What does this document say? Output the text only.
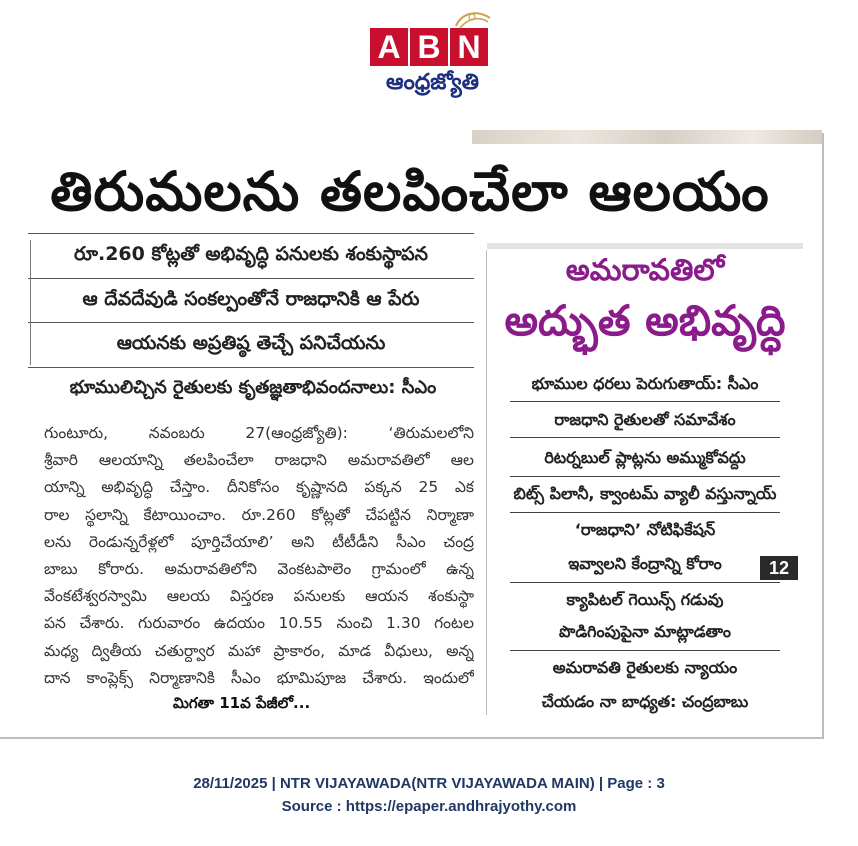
A B N
ఆంధ్రజ్యోతి
తిరుమలను తలపించేలా ఆలయం
రూ.260 కోట్లతో అభివృద్ధి పనులకు శంకుస్థాపన
ఆ దేవదేవుడి సంకల్పంతోనే రాజధానికి ఆ పేరు
ఆయనకు అప్రతిష్ఠ తెచ్చే పనిచేయను
భూములిచ్చిన రైతులకు కృతజ్ఞతాభివందనాలు: సీఎం

గుంటూరు, నవంబరు 27(ఆంధ్రజ్యోతి): ‘తిరుమలలోని

శ్రీవారి ఆలయాన్ని తలపించేలా రాజధాని అమరావతిలో ఆల

యాన్ని అభివృద్ధి చేస్తాం. దీనికోసం కృష్ణానది పక్కన 25 ఎక

రాల స్థలాన్ని కేటాయించాం. రూ.260 కోట్లతో చేపట్టిన నిర్మాణా

లను రెండున్నరేళ్లలో పూర్తిచేయాలి’ అని టీటీడీని సీఎం చంద్ర

బాబు కోరారు. అమరావతిలోని వెంకటపాలెం గ్రామంలో ఉన్న

వేంకటేశ్వరస్వామి ఆలయ విస్తరణ పనులకు ఆయన శంకుస్థా

పన చేశారు. గురువారం ఉదయం 10.55 నుంచి 1.30 గంటల

మధ్య ద్వితీయ చతుర్ద్వార మహా ప్రాకారం, మాడ వీధులు, అన్న

దాన కాంప్లెక్స్ నిర్మాణానికి సీఎం భూమిపూజ చేశారు. ఇందులో

మిగతా 11వ పేజీలో...
అమరావతిలో
అద్భుత అభివృద్ధి
భూముల ధరలు పెరుగుతాయ్: సీఎం
రాజధాని రైతులతో సమావేశం
రిటర్నబుల్ ప్లాట్లను అమ్ముకోవద్దు
బిట్స్ పిలానీ, క్వాంటమ్ వ్యాలీ వస్తున్నాయ్
‘రాజధాని’ నోటిఫికేషన్
ఇవ్వాలని కేంద్రాన్ని కోరాం
క్యాపిటల్ గెయిన్స్ గడువు
పొడిగింపుపైనా మాట్లాడతాం
అమరావతి రైతులకు న్యాయం
చేయడం నా బాధ్యత: చంద్రబాబు
12
28/11/2025 | NTR VIJAYAWADA(NTR VIJAYAWADA MAIN) | Page : 3
Source : https://epaper.andhrajyothy.com
